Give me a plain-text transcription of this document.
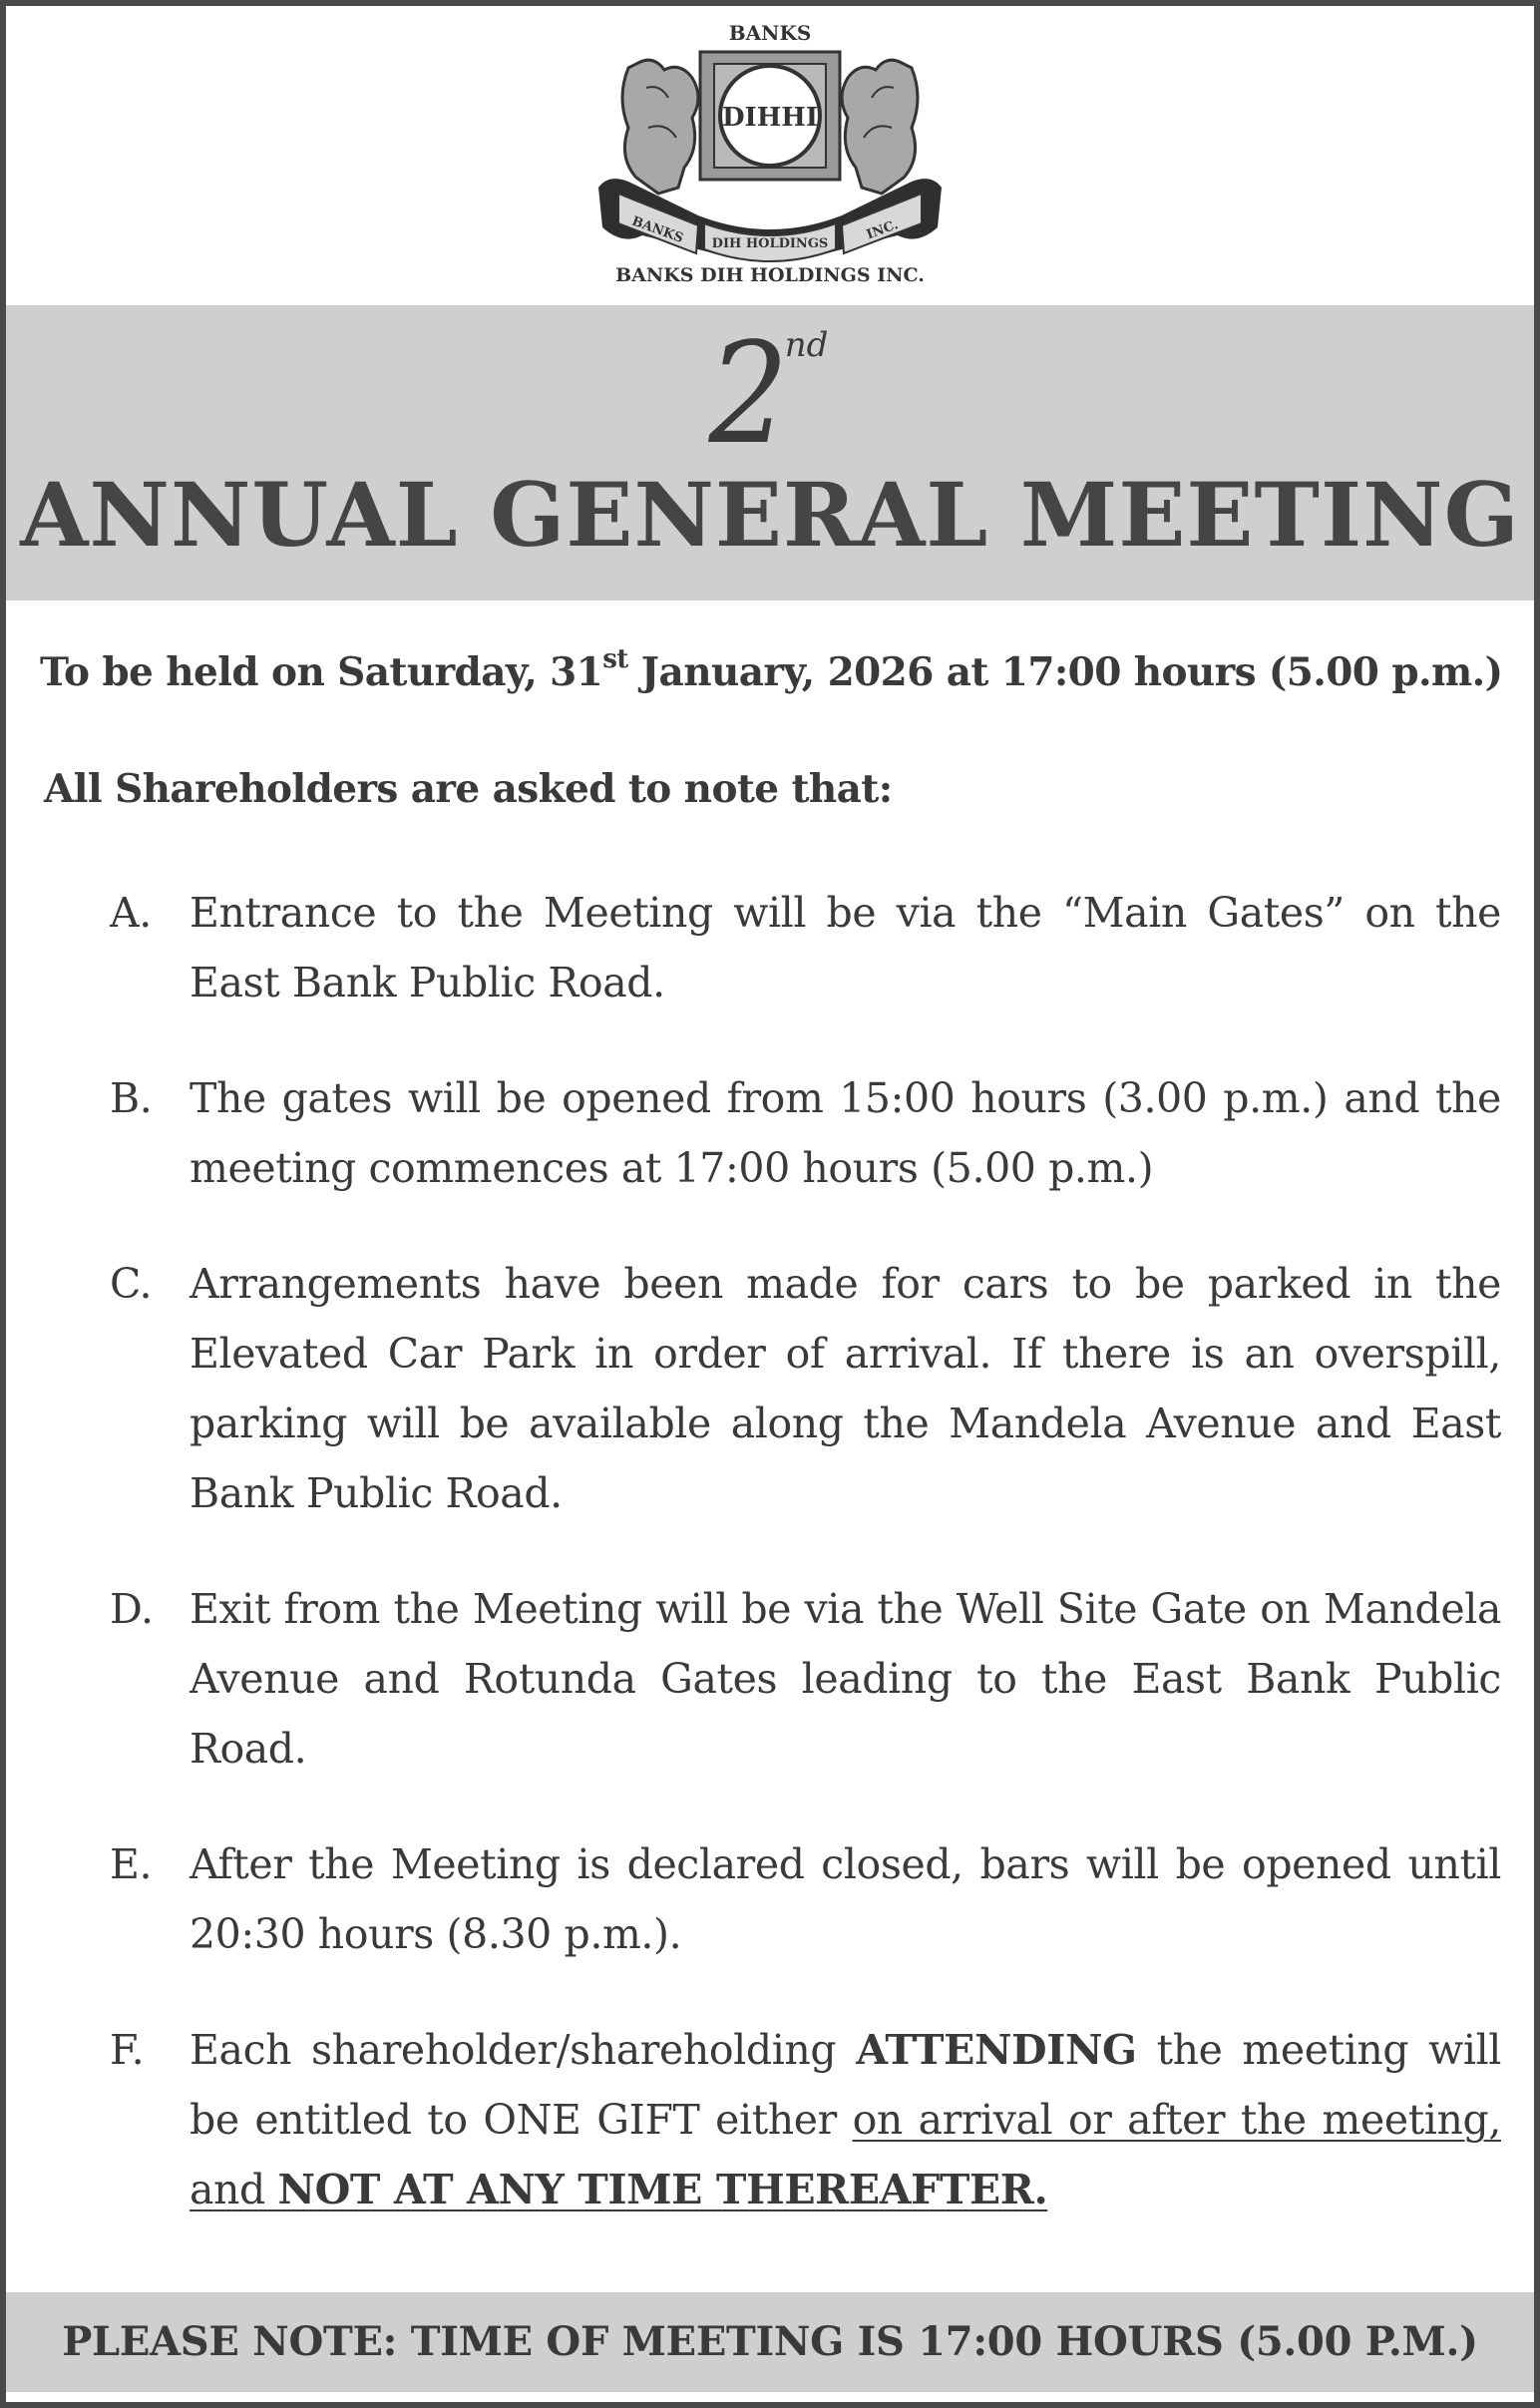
BANKS
DIHHI
BANKS DIH HOLDINGS
INC.
BANKS DIH HOLDINGS INC.
2nd
ANNUAL GENERAL MEETING
To be held on Saturday, 31st January, 2026 at 17:00 hours (5.00 p.m.)
All Shareholders are asked to note that:
A. Entrance to the Meeting will be via the “Main Gates” on the East Bank Public Road.
B. The gates will be opened from 15:00 hours (3.00 p.m.) and the meeting commences at 17:00 hours (5.00 p.m.)
C. Arrangements have been made for cars to be parked in the Elevated Car Park in order of arrival. If there is an overspill, parking will be available along the Mandela Avenue and East Bank Public Road.
D. Exit from the Meeting will be via the Well Site Gate on Mandela Avenue and Rotunda Gates leading to the East Bank Public Road.
E. After the Meeting is declared closed, bars will be opened until 20:30 hours (8.30 p.m.).
F. Each shareholder/shareholding ATTENDING the meeting will be entitled to ONE GIFT either on arrival or after the meeting, and NOT AT ANY TIME THEREAFTER.
PLEASE NOTE: TIME OF MEETING IS 17:00 HOURS (5.00 P.M.)
